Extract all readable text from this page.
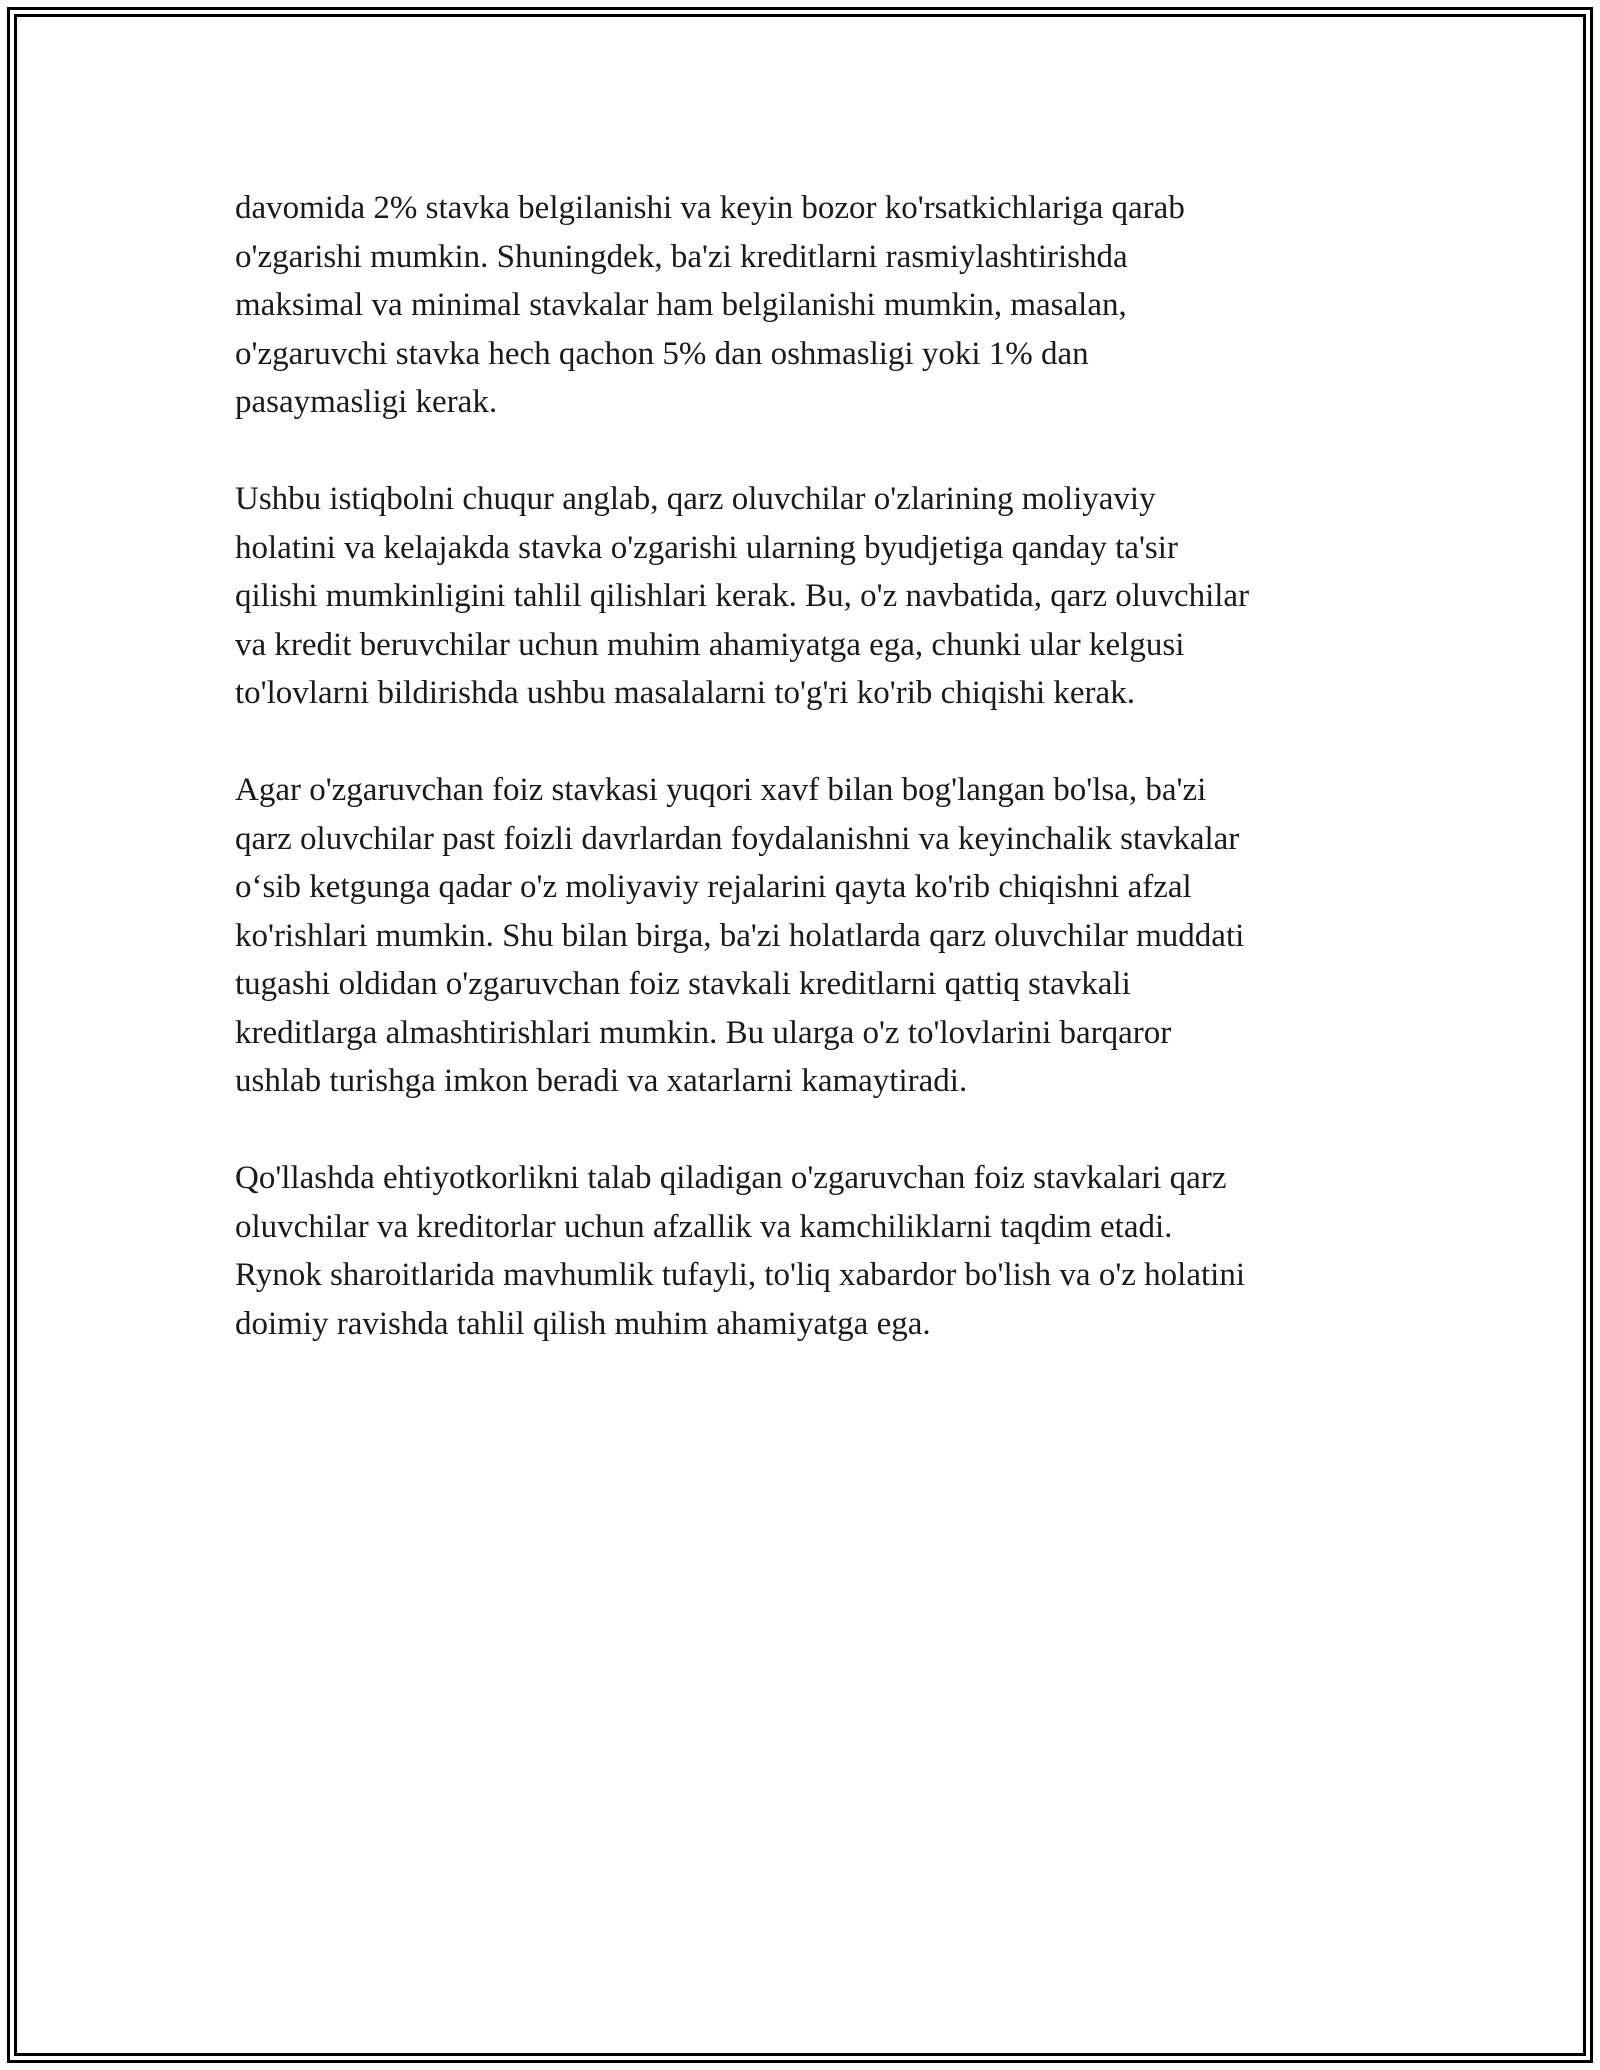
davomida 2% stavka belgilanishi va keyin bozor ko'rsatkichlariga qarab
o'zgarishi mumkin. Shuningdek, ba'zi kreditlarni rasmiylashtirishda
maksimal va minimal stavkalar ham belgilanishi mumkin, masalan,
o'zgaruvchi stavka hech qachon 5% dan oshmasligi yoki 1% dan
pasaymasligi kerak.

Ushbu istiqbolni chuqur anglab, qarz oluvchilar o'zlarining moliyaviy
holatini va kelajakda stavka o'zgarishi ularning byudjetiga qanday ta'sir
qilishi mumkinligini tahlil qilishlari kerak. Bu, o'z navbatida, qarz oluvchilar
va kredit beruvchilar uchun muhim ahamiyatga ega, chunki ular kelgusi
to'lovlarni bildirishda ushbu masalalarni to'g'ri ko'rib chiqishi kerak.

Agar o'zgaruvchan foiz stavkasi yuqori xavf bilan bog'langan bo'lsa, ba'zi
qarz oluvchilar past foizli davrlardan foydalanishni va keyinchalik stavkalar
o‘sib ketgunga qadar o'z moliyaviy rejalarini qayta ko'rib chiqishni afzal
ko'rishlari mumkin. Shu bilan birga, ba'zi holatlarda qarz oluvchilar muddati
tugashi oldidan o'zgaruvchan foiz stavkali kreditlarni qattiq stavkali
kreditlarga almashtirishlari mumkin. Bu ularga o'z to'lovlarini barqaror
ushlab turishga imkon beradi va xatarlarni kamaytiradi.

Qo'llashda ehtiyotkorlikni talab qiladigan o'zgaruvchan foiz stavkalari qarz
oluvchilar va kreditorlar uchun afzallik va kamchiliklarni taqdim etadi.
Rynok sharoitlarida mavhumlik tufayli, to'liq xabardor bo'lish va o'z holatini
doimiy ravishda tahlil qilish muhim ahamiyatga ega.
